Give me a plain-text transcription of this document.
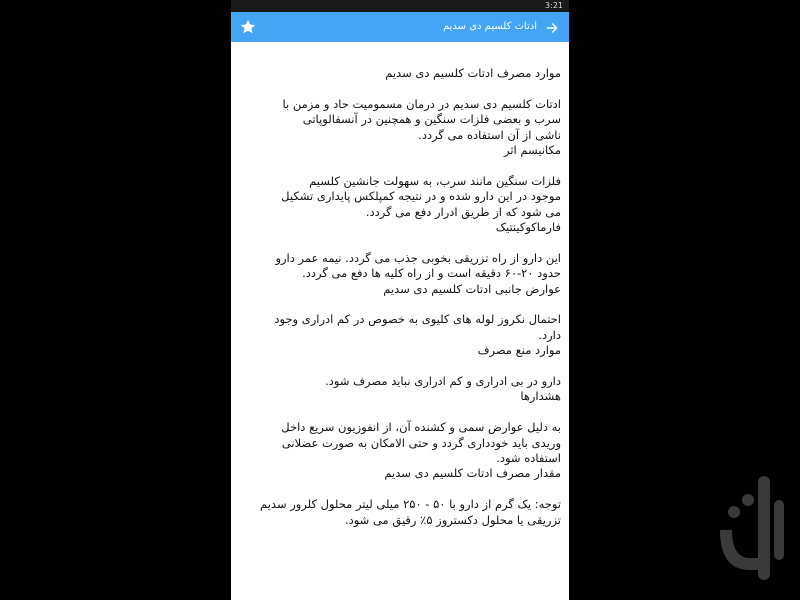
3:21
ادتات کلسیم دی سدیم

موارد مصرف ادتات کلسیم دی سدیم

ادتات کلسیم دی سدیم در درمان مسمومیت حاد و مزمن با
سرب و بعضی فلزات سنگین و همچنین در آنسفالوپاتی
ناشی از آن استفاده می گردد.
مکانیسم اثر

فلزات سنگین مانند سرب، به سهولت جانشین کلسیم
موجود در این دارو شده و در نتیجه کمپلکس پایداری تشکیل
می شود که از طریق ادرار دفع می گردد.
فارماکوکینتیک

این دارو از راه تزریقی بخوبی جذب می گردد. نیمه عمر دارو
حدود ۲۰-۶۰ دقیقه است و از راه کلیه ها دفع می گردد.
عوارض جانبی ادتات کلسیم دی سدیم

احتمال نکروز لوله های کلیوی به خصوص در کم ادراری وجود
دارد.
موارد منع مصرف

دارو در بی ادراری و کم ادراری نباید مصرف شود.
هشدارها

به دلیل عوارض سمی و کشنده آن، از انفوزیون سریع داخل
وریدی باید خودداری گردد و حتی الامکان به صورت عضلانی
استفاده شود.
مقدار مصرف ادتات کلسیم دی سدیم

توجه: یک گرم از دارو با ۵۰ - ۲۵۰ میلی لیتر محلول کلرور سدیم
تزریقی یا محلول دکستروز ۵٪ رقیق می شود.
